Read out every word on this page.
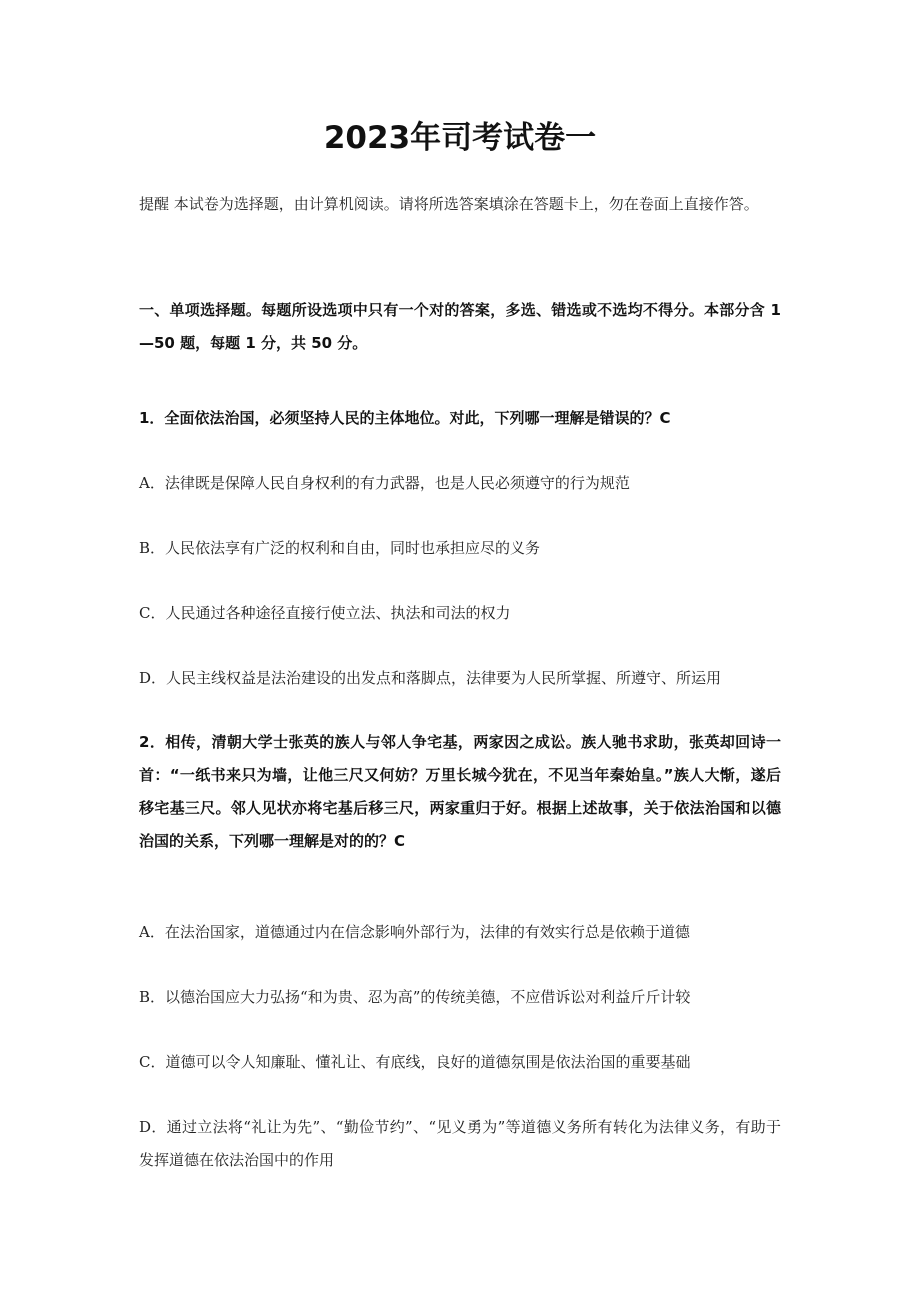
2023年司考试卷一

提醒 本试卷为选择题，由计算机阅读。请将所选答案填涂在答题卡上，勿在卷面上直接作答。

一、单项选择题。每题所设选项中只有一个对的答案，多选、错选或不选均不得分。本部分含 1—50 题，每题 1 分，共 50 分。

1．全面依法治国，必须坚持人民的主体地位。对此，下列哪一理解是错误的？C

A．法律既是保障人民自身权利的有力武器，也是人民必须遵守的行为规范

B．人民依法享有广泛的权利和自由，同时也承担应尽的义务

C．人民通过各种途径直接行使立法、执法和司法的权力

D．人民主线权益是法治建设的出发点和落脚点，法律要为人民所掌握、所遵守、所运用

2．相传，清朝大学士张英的族人与邻人争宅基，两家因之成讼。族人驰书求助，张英却回诗一首：“一纸书来只为墙，让他三尺又何妨？万里长城今犹在，不见当年秦始皇。”族人大惭，遂后移宅基三尺。邻人见状亦将宅基后移三尺，两家重归于好。根据上述故事，关于依法治国和以德治国的关系，下列哪一理解是对的的？C

A．在法治国家，道德通过内在信念影响外部行为，法律的有效实行总是依赖于道德

B．以德治国应大力弘扬“和为贵、忍为高”的传统美德，不应借诉讼对利益斤斤计较

C．道德可以令人知廉耻、懂礼让、有底线，良好的道德氛围是依法治国的重要基础

D．通过立法将“礼让为先”、“勤俭节约”、“见义勇为”等道德义务所有转化为法律义务，有助于发挥道德在依法治国中的作用
